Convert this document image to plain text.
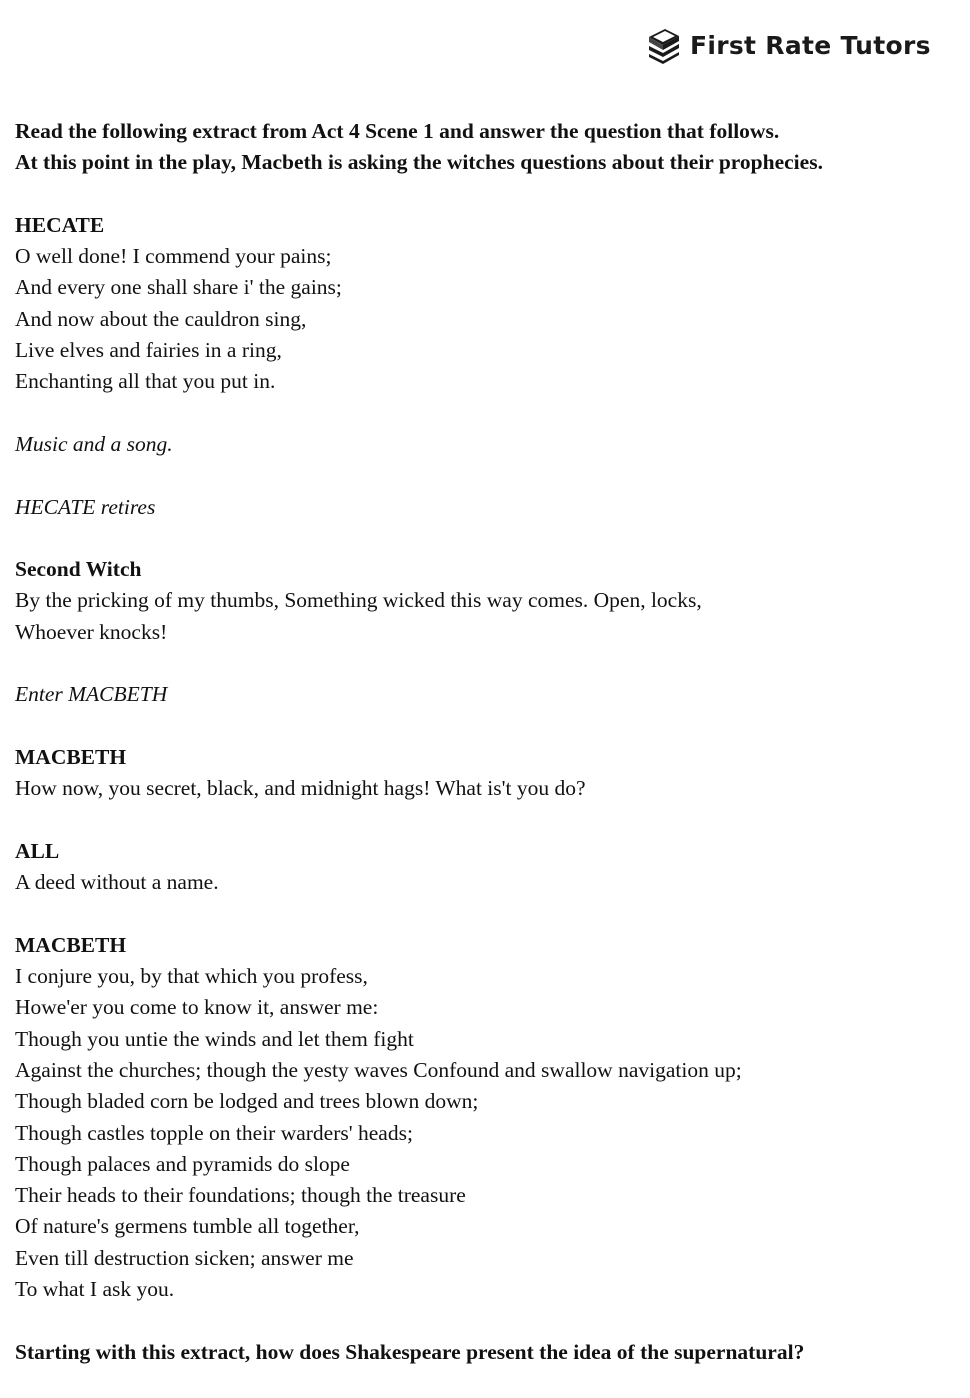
First Rate Tutors
Read the following extract from Act 4 Scene 1 and answer the question that follows.
At this point in the play, Macbeth is asking the witches questions about their prophecies.
HECATE
O well done! I commend your pains;
And every one shall share i' the gains;
And now about the cauldron sing,
Live elves and fairies in a ring,
Enchanting all that you put in.
Music and a song.
HECATE retires
Second Witch
By the pricking of my thumbs, Something wicked this way comes. Open, locks,
Whoever knocks!
Enter MACBETH
MACBETH
How now, you secret, black, and midnight hags! What is't you do?
ALL
A deed without a name.
MACBETH
I conjure you, by that which you profess,
Howe'er you come to know it, answer me:
Though you untie the winds and let them fight
Against the churches; though the yesty waves Confound and swallow navigation up;
Though bladed corn be lodged and trees blown down;
Though castles topple on their warders' heads;
Though palaces and pyramids do slope
Their heads to their foundations; though the treasure
Of nature's germens tumble all together,
Even till destruction sicken; answer me
To what I ask you.
Starting with this extract, how does Shakespeare present the idea of the supernatural?
